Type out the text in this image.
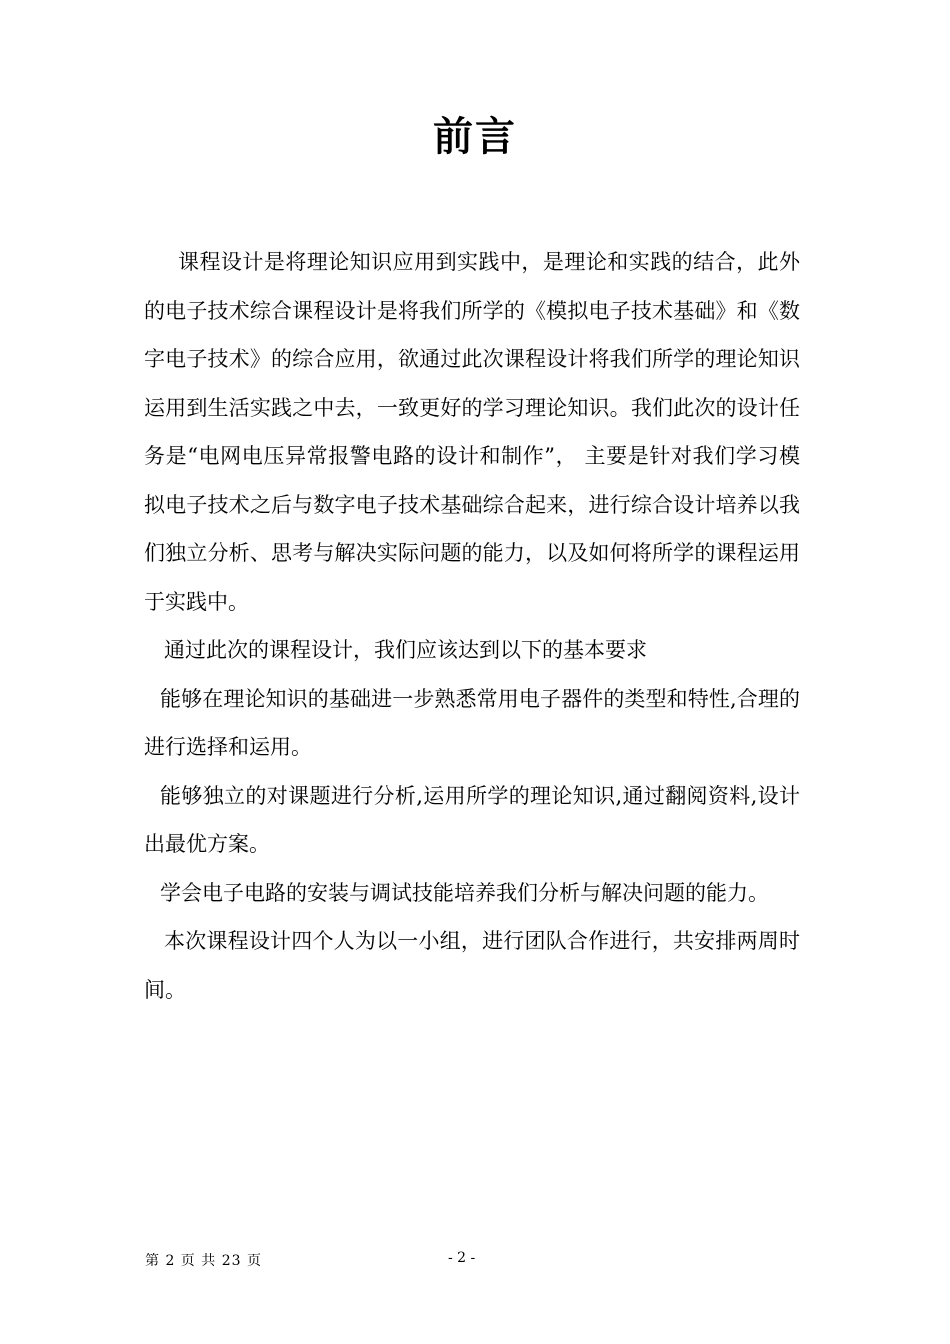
前言

课程设计是将理论知识应用到实践中，是理论和实践的结合，此外的电子技术综合课程设计是将我们所学的《模拟电子技术基础》和《数字电子技术》的综合应用，欲通过此次课程设计将我们所学的理论知识运用到生活实践之中去，一致更好的学习理论知识。我们此次的设计任务是“电网电压异常报警电路的设计和制作”， 主要是针对我们学习模拟电子技术之后与数字电子技术基础综合起来，进行综合设计培养以我们独立分析、思考与解决实际问题的能力，以及如何将所学的课程运用于实践中。

通过此次的课程设计，我们应该达到以下的基本要求

能够在理论知识的基础进一步熟悉常用电子器件的类型和特性,合理的进行选择和运用。

能够独立的对课题进行分析,运用所学的理论知识,通过翻阅资料,设计出最优方案。

学会电子电路的安装与调试技能培养我们分析与解决问题的能力。

本次课程设计四个人为以一小组，进行团队合作进行，共安排两周时间。

第 2 页 共 23 页	- 2 -
